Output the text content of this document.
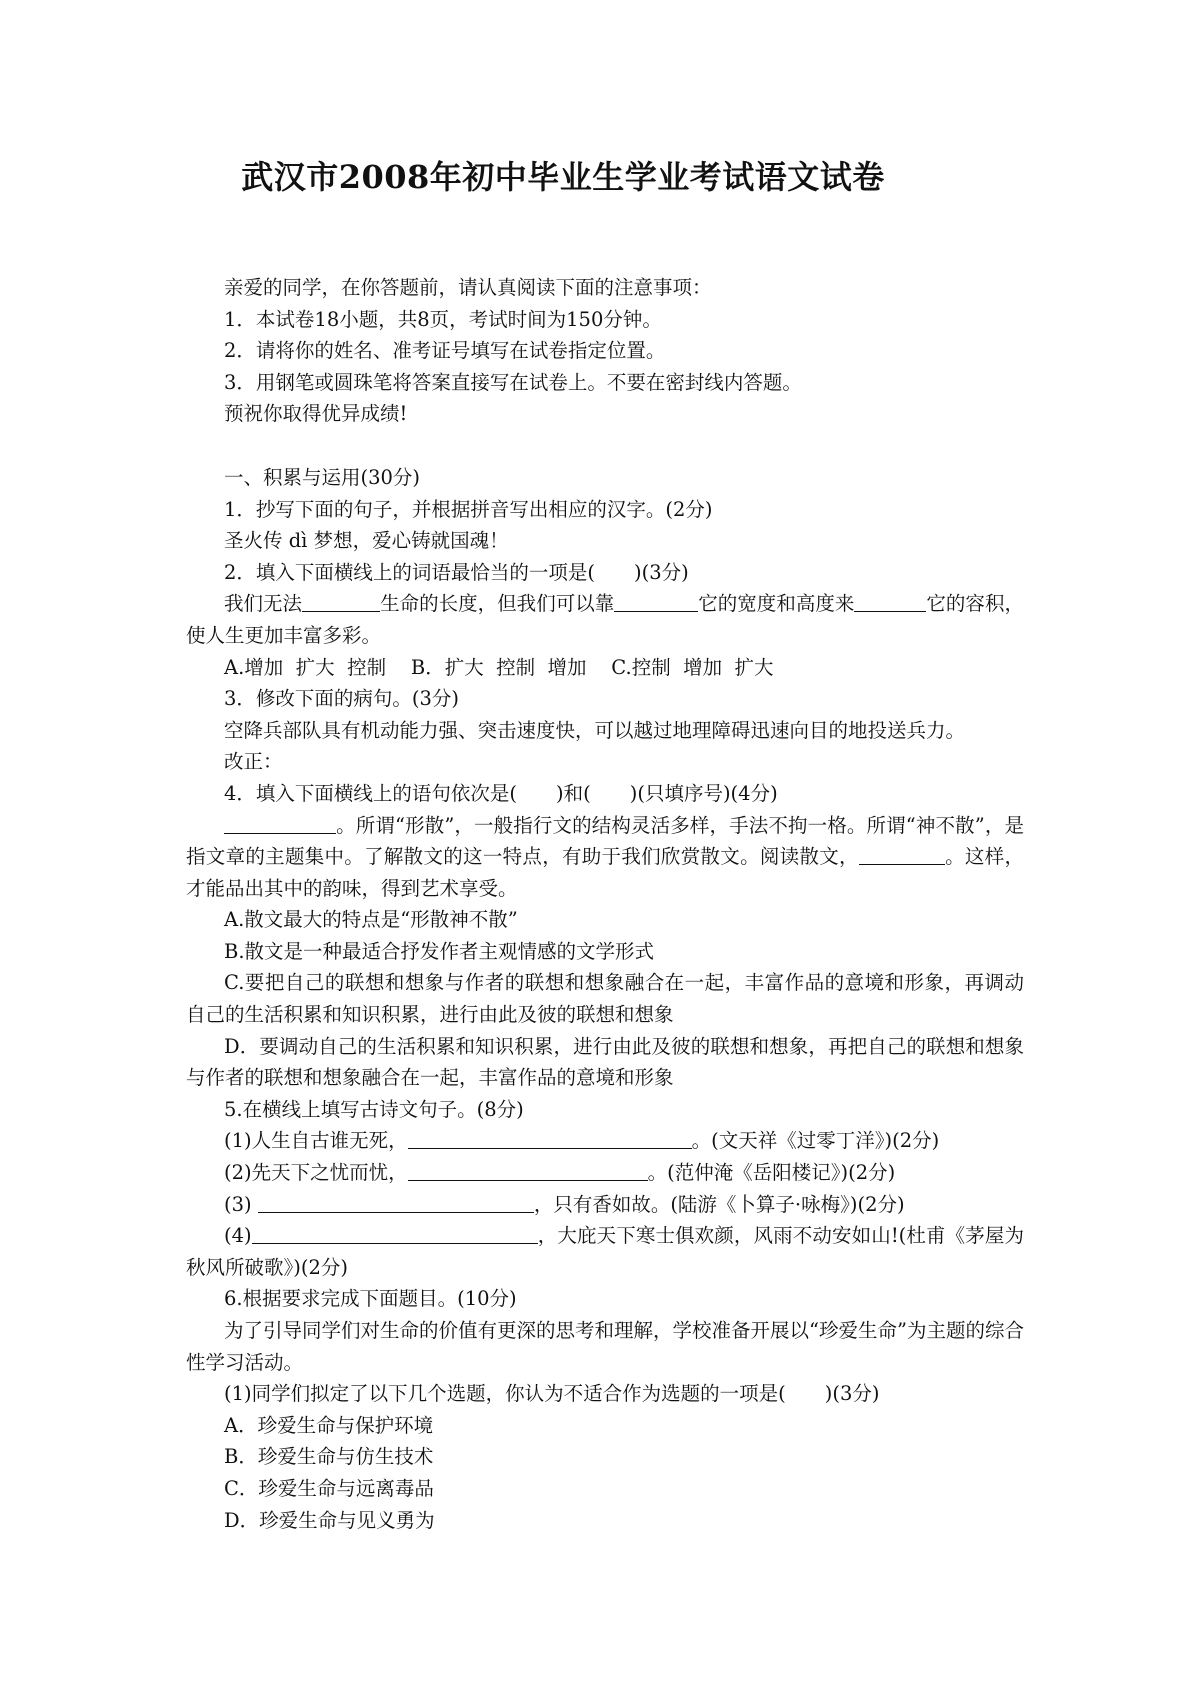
武汉市2008年初中毕业生学业考试语文试卷

亲爱的同学，在你答题前，请认真阅读下面的注意事项：

1．本试卷18小题，共8页，考试时间为150分钟。

2．请将你的姓名、准考证号填写在试卷指定位置。

3．用钢笔或圆珠笔将答案直接写在试卷上。不要在密封线内答题。

预祝你取得优异成绩!

一、积累与运用(30分)

1．抄写下面的句子，并根据拼音写出相应的汉字。(2分)

圣火传 dì 梦想，爱心铸就国魂！

2．填入下面横线上的词语最恰当的一项是(　　)(3分)

我们无法	生命的长度，但我们可以靠	它的宽度和高度来	它的容积，使人生更加丰富多彩。

A.增加  扩大  控制    B．扩大  控制  增加    C.控制  增加  扩大

3．修改下面的病句。(3分)

空降兵部队具有机动能力强、突击速度快，可以越过地理障碍迅速向目的地投送兵力。

改正：

4．填入下面横线上的语句依次是(　　)和(　　)(只填序号)(4分)

。所谓“形散”，一般指行文的结构灵活多样，手法不拘一格。所谓“神不散”，是指文章的主题集中。了解散文的这一特点，有助于我们欣赏散文。阅读散文，	。这样，才能品出其中的韵味，得到艺术享受。

A.散文最大的特点是“形散神不散”

B.散文是一种最适合抒发作者主观情感的文学形式

C.要把自己的联想和想象与作者的联想和想象融合在一起，丰富作品的意境和形象，再调动自己的生活积累和知识积累，进行由此及彼的联想和想象

D．要调动自己的生活积累和知识积累，进行由此及彼的联想和想象，再把自己的联想和想象与作者的联想和想象融合在一起，丰富作品的意境和形象

5.在横线上填写古诗文句子。(8分)

(1)人生自古谁无死，	。(文天祥《过零丁洋》)(2分)

(2)先天下之忧而忧，	。(范仲淹《岳阳楼记》)(2分)

(3)	，只有香如故。(陆游《卜算子·咏梅》)(2分)

(4)	，大庇天下寒士俱欢颜，风雨不动安如山!(杜甫《茅屋为秋风所破歌》)(2分)

6.根据要求完成下面题目。(10分)

为了引导同学们对生命的价值有更深的思考和理解，学校准备开展以“珍爱生命”为主题的综合性学习活动。

(1)同学们拟定了以下几个选题，你认为不适合作为选题的一项是(　　)(3分)

A．珍爱生命与保护环境

B．珍爱生命与仿生技术

C．珍爱生命与远离毒品

D．珍爱生命与见义勇为
